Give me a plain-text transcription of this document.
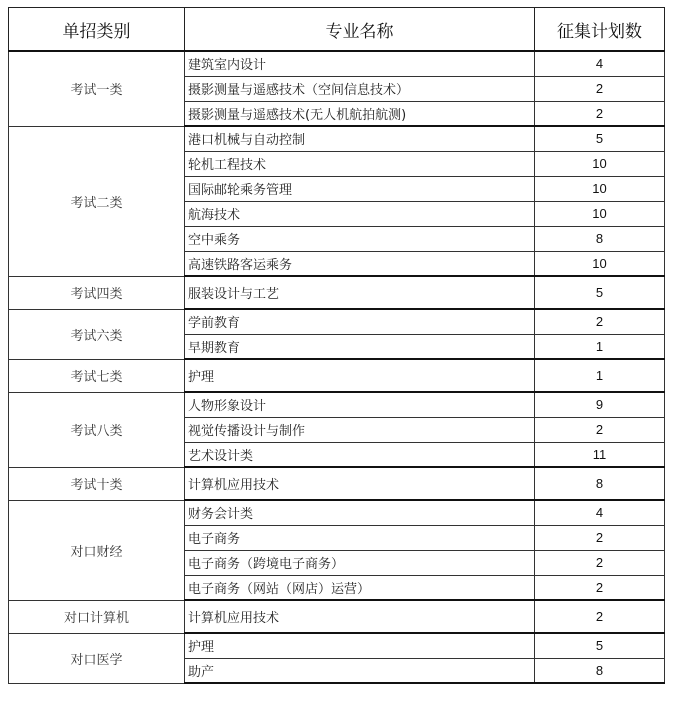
单招类别	专业名称	征集计划数
考试一类	建筑室内设计	4
	摄影测量与遥感技术（空间信息技术）	2
	摄影测量与遥感技术(无人机航拍航测)	2
考试二类	港口机械与自动控制	5
	轮机工程技术	10
	国际邮轮乘务管理	10
	航海技术	10
	空中乘务	8
	高速铁路客运乘务	10
考试四类	服装设计与工艺	5
考试六类	学前教育	2
	早期教育	1
考试七类	护理	1
考试八类	人物形象设计	9
	视觉传播设计与制作	2
	艺术设计类	11
考试十类	计算机应用技术	8
对口财经	财务会计类	4
	电子商务	2
	电子商务（跨境电子商务）	2
	电子商务（网站（网店）运营）	2
对口计算机	计算机应用技术	2
对口医学	护理	5
	助产	8
